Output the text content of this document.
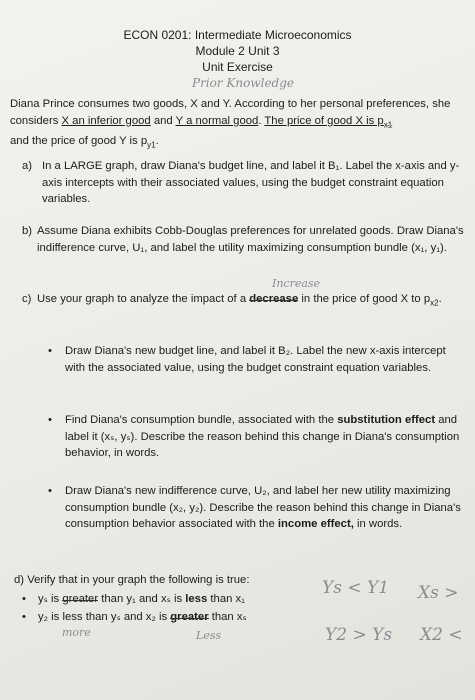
ECON 0201: Intermediate Microeconomics
Module 2 Unit 3
Unit Exercise
Prior Knowledge
Diana Prince consumes two goods, X and Y. According to her personal preferences, she considers X an inferior good and Y a normal good. The price of good X is $p_{x1}$
and the price of good Y is $p_{y1}$.
a) In a LARGE graph, draw Diana's budget line, and label it B₁. Label the x-axis and y-axis intercepts with their associated values, using the budget constraint equation variables.
b) Assume Diana exhibits Cobb-Douglas preferences for unrelated goods. Draw Diana's indifference curve, U₁, and label the utility maximizing consumption bundle (x₁, y₁).
Increase
c) Use your graph to analyze the impact of a decrease in the price of good X to $p_{x2}$.
•	Draw Diana's new budget line, and label it B₂. Label the new x-axis intercept with the associated value, using the budget constraint equation variables.
•	Find Diana's consumption bundle, associated with the substitution effect and label it (xₛ, yₛ). Describe the reason behind this change in Diana's consumption behavior, in words.
•	Draw Diana's new indifference curve, U₂, and label her new utility maximizing consumption bundle (x₂, y₂). Describe the reason behind this change in Diana's consumption behavior associated with the income effect, in words.
d) Verify that in your graph the following is true:
•	yₛ is greater than y₁ and xₛ is less than x₁
•	y₂ is less than yₛ and x₂ is greater than xₛ
more	Less
Ys < Y1 Xs >
Y2 > Ys X2 <
